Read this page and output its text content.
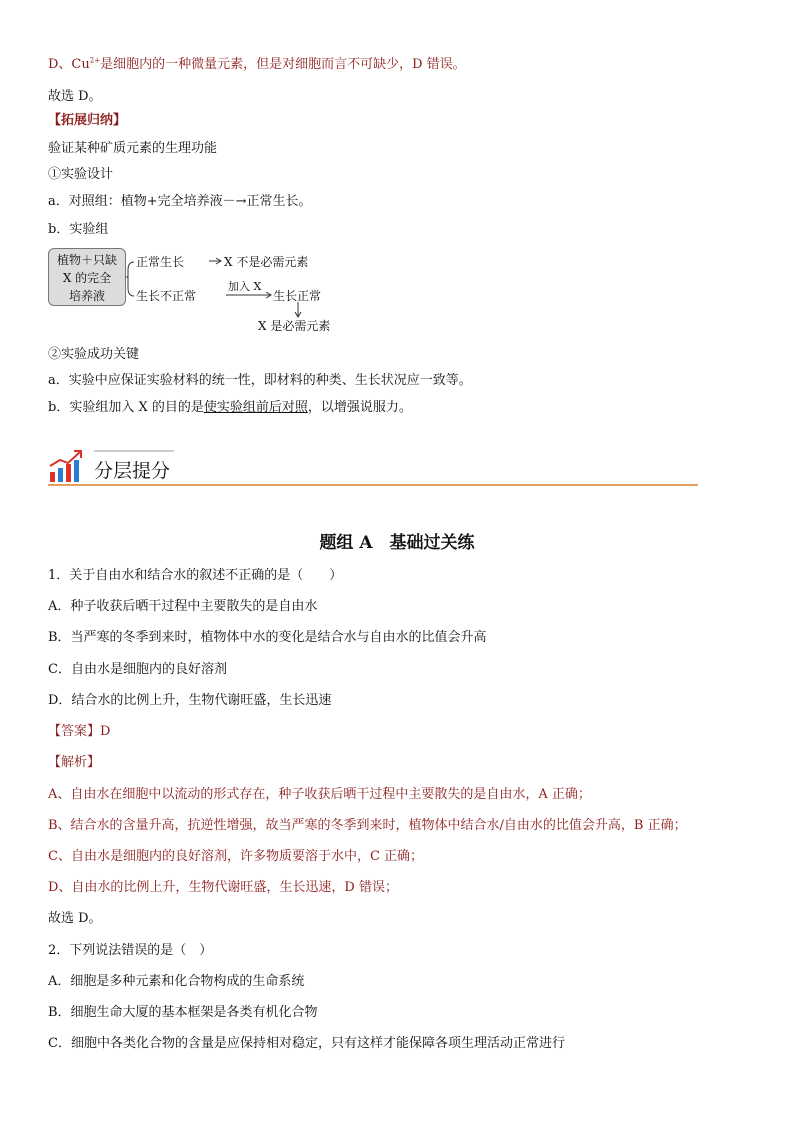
D、$Cu^{2+}$是细胞内的一种微量元素，但是对细胞而言不可缺少，D 错误。
故选 D。
【拓展归纳】
验证某种矿质元素的生理功能
①实验设计
a．对照组：植物+完全培养液－→正常生长。
b．实验组
植物＋只缺
X 的完全
培养液
正常生长	X 不是必需元素
生长不正常
加入 X
生长正常
X 是必需元素
②实验成功关键
a．实验中应保证实验材料的统一性，即材料的种类、生长状况应一致等。
b．实验组加入 X 的目的是使实验组前后对照，以增强说服力。
分层提分
题组 A　基础过关练
1．关于自由水和结合水的叙述不正确的是（　　）
A．种子收获后晒干过程中主要散失的是自由水
B．当严寒的冬季到来时，植物体中水的变化是结合水与自由水的比值会升高
C．自由水是细胞内的良好溶剂
D．结合水的比例上升，生物代谢旺盛，生长迅速
【答案】D
【解析】
A、自由水在细胞中以流动的形式存在，种子收获后晒干过程中主要散失的是自由水，A 正确；
B、结合水的含量升高，抗逆性增强，故当严寒的冬季到来时，植物体中结合水/自由水的比值会升高，B 正确；
C、自由水是细胞内的良好溶剂，许多物质要溶于水中，C 正确；
D、自由水的比例上升，生物代谢旺盛，生长迅速，D 错误；
故选 D。
2．下列说法错误的是（　）
A．细胞是多种元素和化合物构成的生命系统
B．细胞生命大厦的基本框架是各类有机化合物
C．细胞中各类化合物的含量是应保持相对稳定，只有这样才能保障各项生理活动正常进行
